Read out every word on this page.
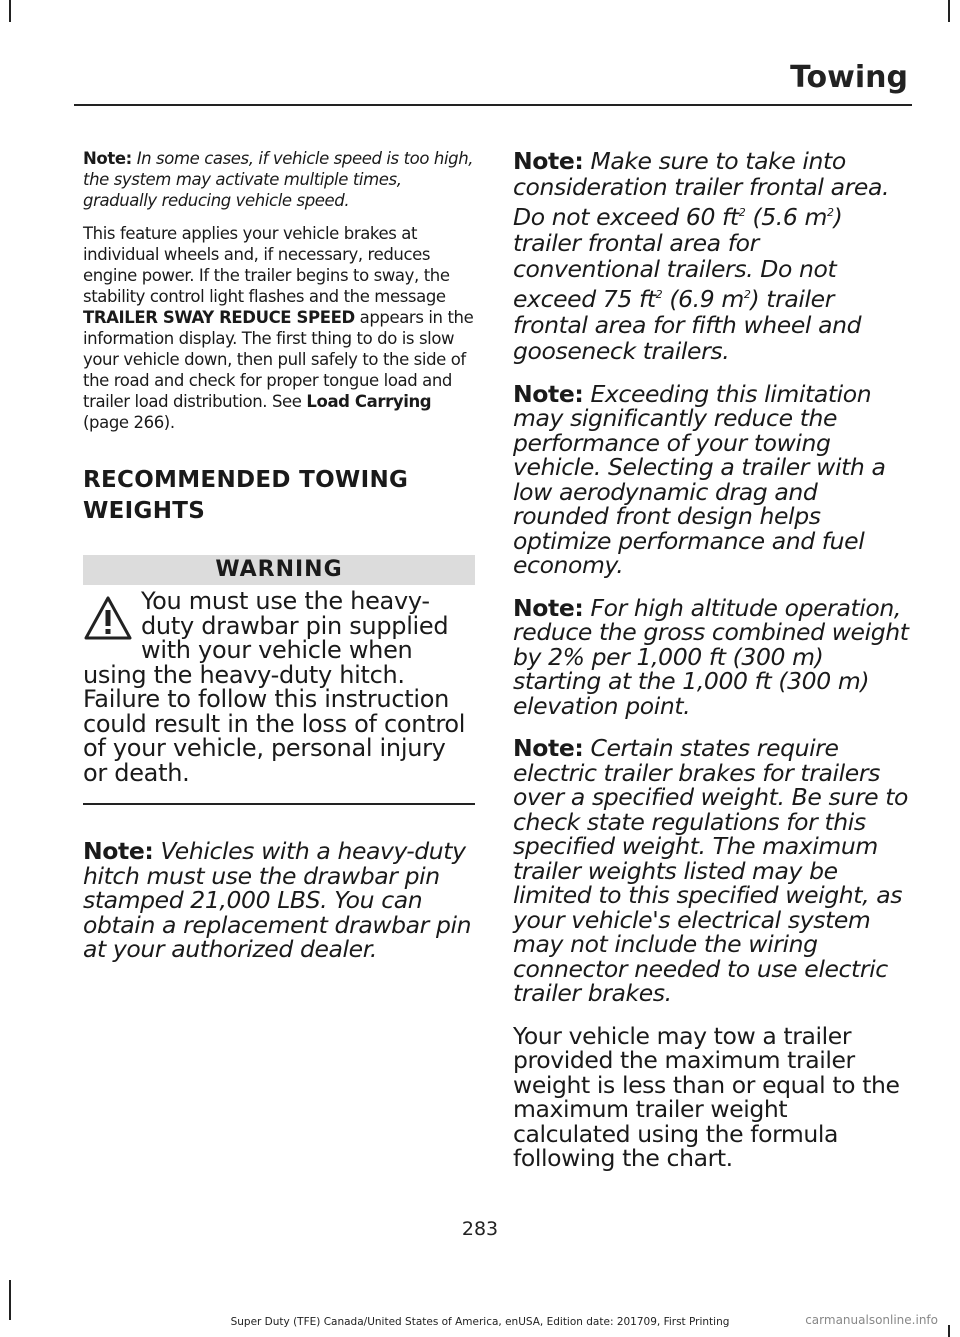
Towing

Note: In some cases, if vehicle speed is too high, the system may activate multiple times, gradually reducing vehicle speed.

This feature applies your vehicle brakes at individual wheels and, if necessary, reduces engine power. If the trailer begins to sway, the stability control light flashes and the message TRAILER SWAY REDUCE SPEED appears in the information display. The first thing to do is slow your vehicle down, then pull safely to the side of the road and check for proper tongue load and trailer load distribution. See Load Carrying (page 266).

RECOMMENDED TOWING WEIGHTS
WARNING

You must use the heavy-duty drawbar pin supplied with your vehicle when using the heavy-duty hitch. Failure to follow this instruction could result in the loss of control of your vehicle, personal injury or death.

Note: Vehicles with a heavy-duty hitch must use the drawbar pin stamped 21,000 LBS. You can obtain a replacement drawbar pin at your authorized dealer.

Note: Make sure to take into consideration trailer frontal area. Do not exceed 60 $ft^2$ (5.6 $m^2$) trailer frontal area for conventional trailers. Do not exceed 75 $ft^2$ (6.9 $m^2$) trailer frontal area for fifth wheel and gooseneck trailers.

Note: Exceeding this limitation may significantly reduce the performance of your towing vehicle. Selecting a trailer with a low aerodynamic drag and rounded front design helps optimize performance and fuel economy.

Note: For high altitude operation, reduce the gross combined weight by 2% per 1,000 ft (300 m) starting at the 1,000 ft (300 m) elevation point.

Note: Certain states require electric trailer brakes for trailers over a specified weight. Be sure to check state regulations for this specified weight. The maximum trailer weights listed may be limited to this specified weight, as your vehicle's electrical system may not include the wiring connector needed to use electric trailer brakes.

Your vehicle may tow a trailer provided the maximum trailer weight is less than or equal to the maximum trailer weight calculated using the formula following the chart.

283
Super Duty (TFE) Canada/United States of America, enUSA, Edition date: 201709, First Printing	carmanualsonline.info
